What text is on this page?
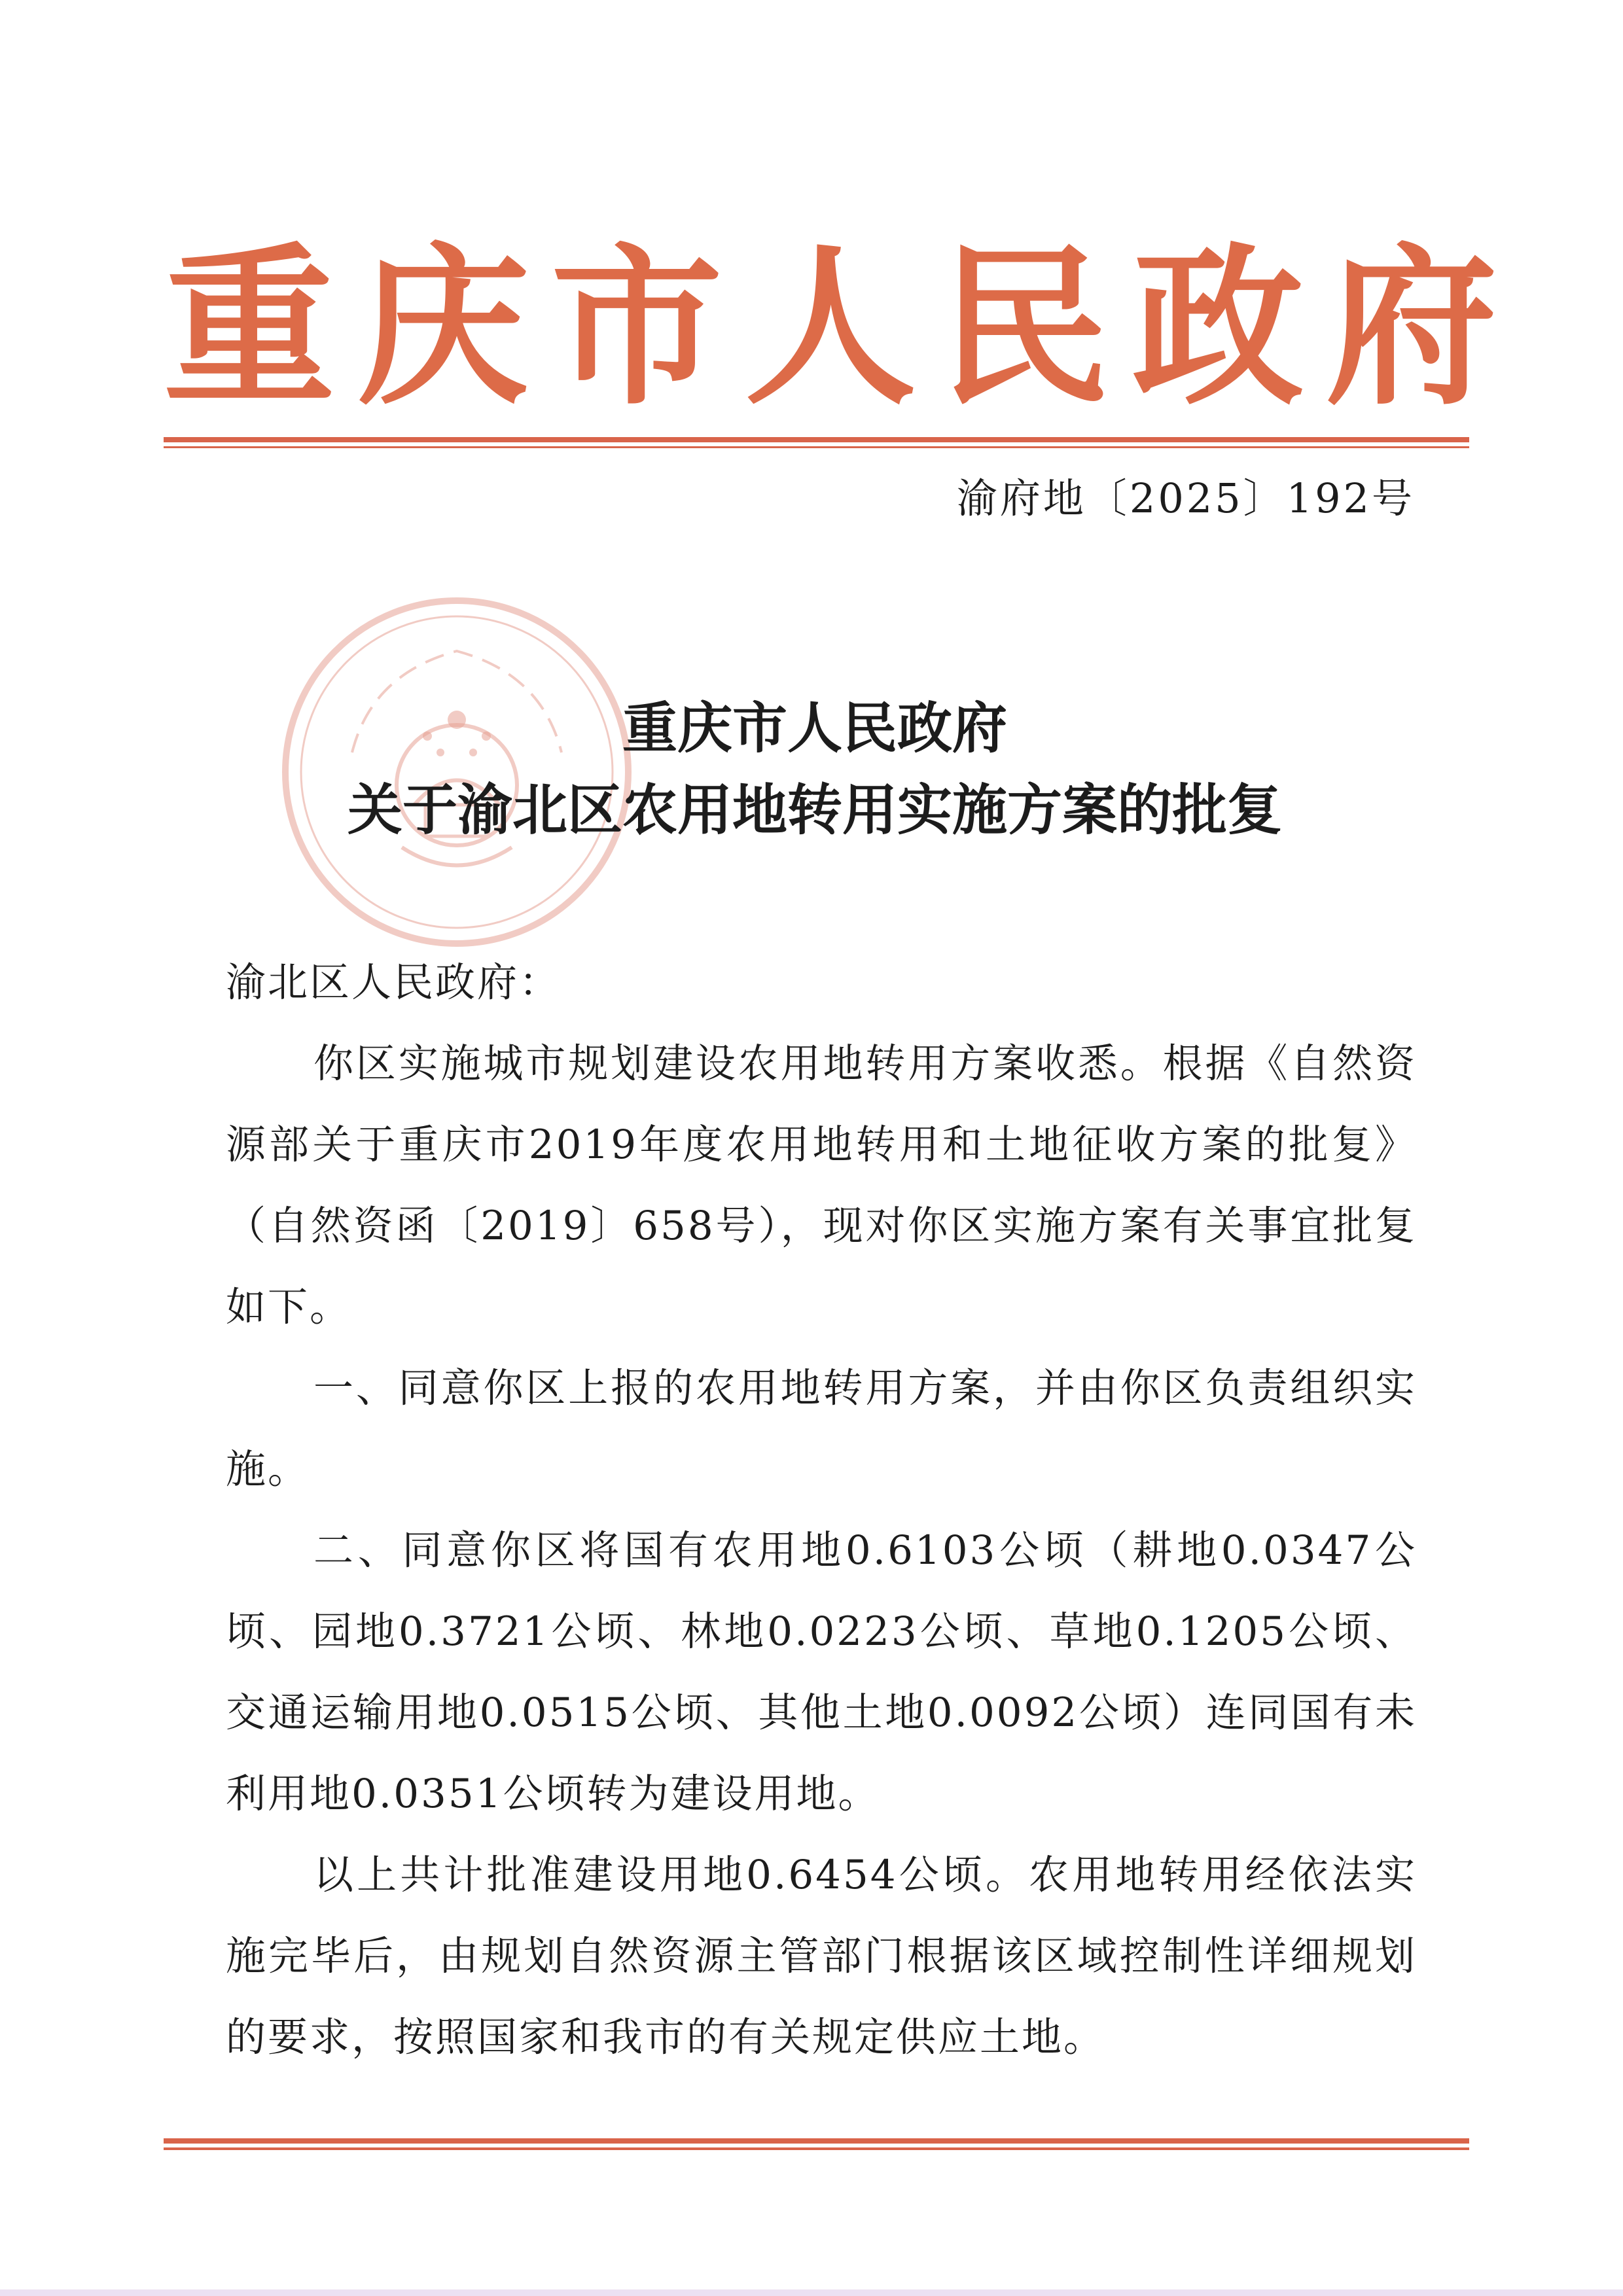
重庆市人民政府
渝府地〔2025〕192号
重庆市人民政府
关于渝北区农用地转用实施方案的批复

渝北区人民政府：

你区实施城市规划建设农用地转用方案收悉。根据《自然资源部关于重庆市2019年度农用地转用和土地征收方案的批复》（自然资函〔2019〕658号），现对你区实施方案有关事宜批复如下。

一、同意你区上报的农用地转用方案，并由你区负责组织实施。

二、同意你区将国有农用地0.6103公顷（耕地0.0347公顷、园地0.3721公顷、林地0.0223公顷、草地0.1205公顷、交通运输用地0.0515公顷、其他土地0.0092公顷）连同国有未利用地0.0351公顷转为建设用地。

以上共计批准建设用地0.6454公顷。农用地转用经依法实施完毕后，由规划自然资源主管部门根据该区域控制性详细规划的要求，按照国家和我市的有关规定供应土地。
